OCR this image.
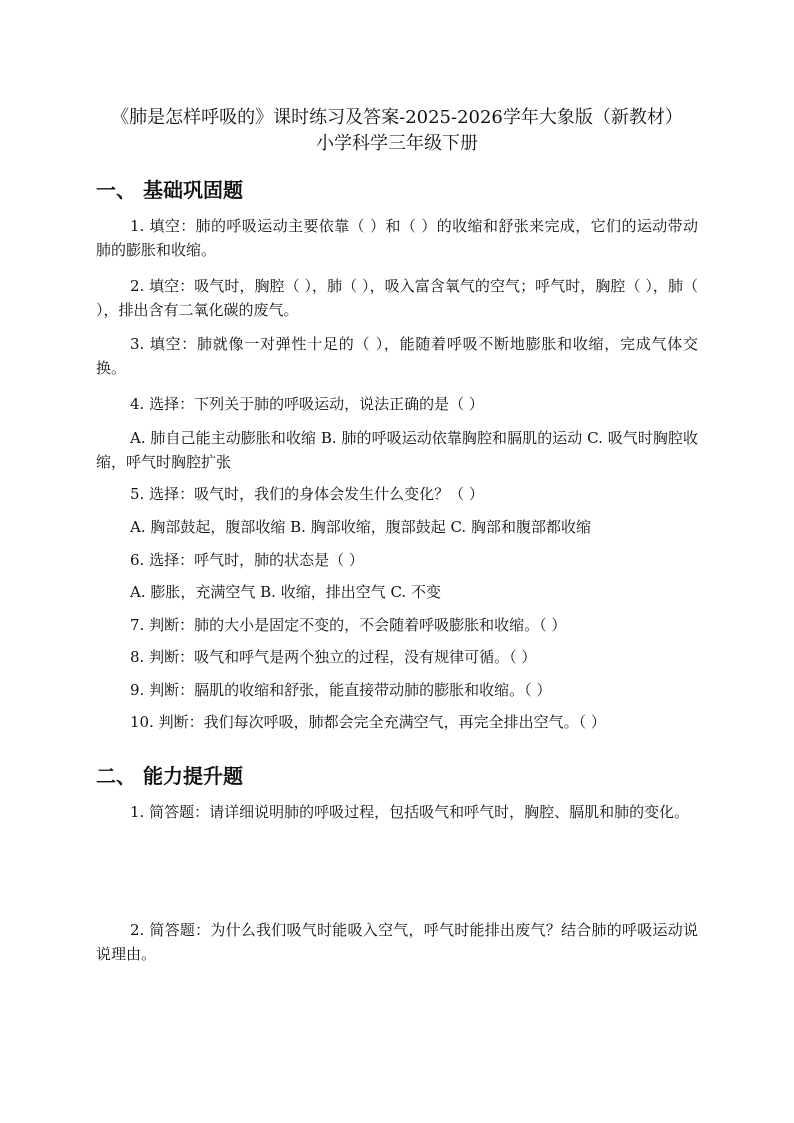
《肺是怎样呼吸的》课时练习及答案-2025-2026学年大象版（新教材）
小学科学三年级下册
一、 基础巩固题
1. 填空：肺的呼吸运动主要依靠（ ）和（ ）的收缩和舒张来完成，它们的运动带动肺的膨胀和收缩。
2. 填空：吸气时，胸腔（ ），肺（ ），吸入富含氧气的空气；呼气时，胸腔（ ），肺（ ），排出含有二氧化碳的废气。
3. 填空：肺就像一对弹性十足的（ ），能随着呼吸不断地膨胀和收缩，完成气体交换。
4. 选择：下列关于肺的呼吸运动，说法正确的是（ ）
A. 肺自己能主动膨胀和收缩 B. 肺的呼吸运动依靠胸腔和膈肌的运动 C. 吸气时胸腔收缩，呼气时胸腔扩张
5. 选择：吸气时，我们的身体会发生什么变化？（ ）
A. 胸部鼓起，腹部收缩 B. 胸部收缩，腹部鼓起 C. 胸部和腹部都收缩
6. 选择：呼气时，肺的状态是（ ）
A. 膨胀，充满空气 B. 收缩，排出空气 C. 不变
7. 判断：肺的大小是固定不变的，不会随着呼吸膨胀和收缩。（ ）
8. 判断：吸气和呼气是两个独立的过程，没有规律可循。（ ）
9. 判断：膈肌的收缩和舒张，能直接带动肺的膨胀和收缩。（ ）
10. 判断：我们每次呼吸，肺都会完全充满空气，再完全排出空气。（ ）
二、 能力提升题
1. 简答题：请详细说明肺的呼吸过程，包括吸气和呼气时，胸腔、膈肌和肺的变化。
2. 简答题：为什么我们吸气时能吸入空气，呼气时能排出废气？结合肺的呼吸运动说说理由。
